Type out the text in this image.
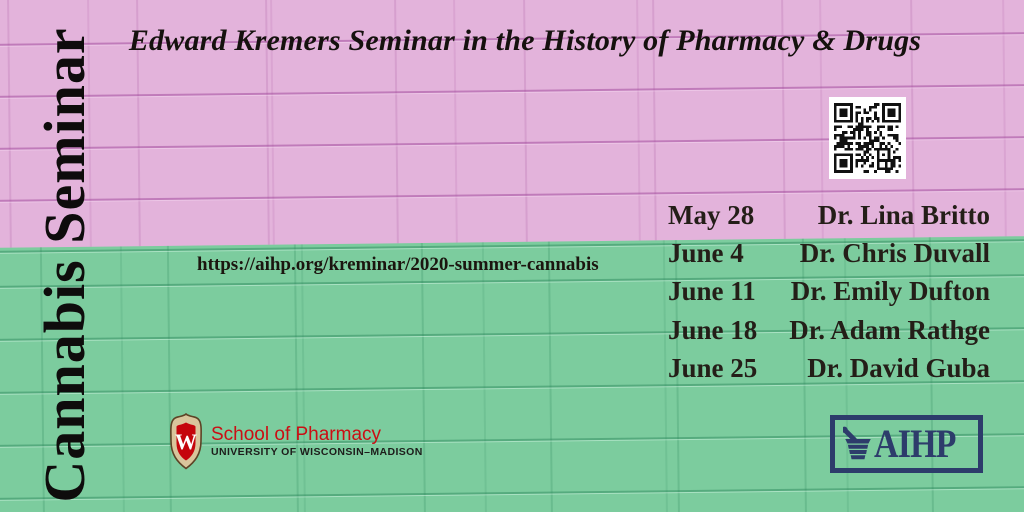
Cannabis Seminar	Edward Kremers Seminar in the History of Pharmacy & Drugs
May 28 Dr. Lina Britto
June 4 Dr. Chris Duvall
June 11 Dr. Emily Dufton
June 18 Dr. Adam Rathge
June 25 Dr. David Guba
https://aihp.org/kreminar/2020-summer-cannabis
W School of Pharmacy
UNIVERSITY OF WISCONSIN–MADISON	AIHP
